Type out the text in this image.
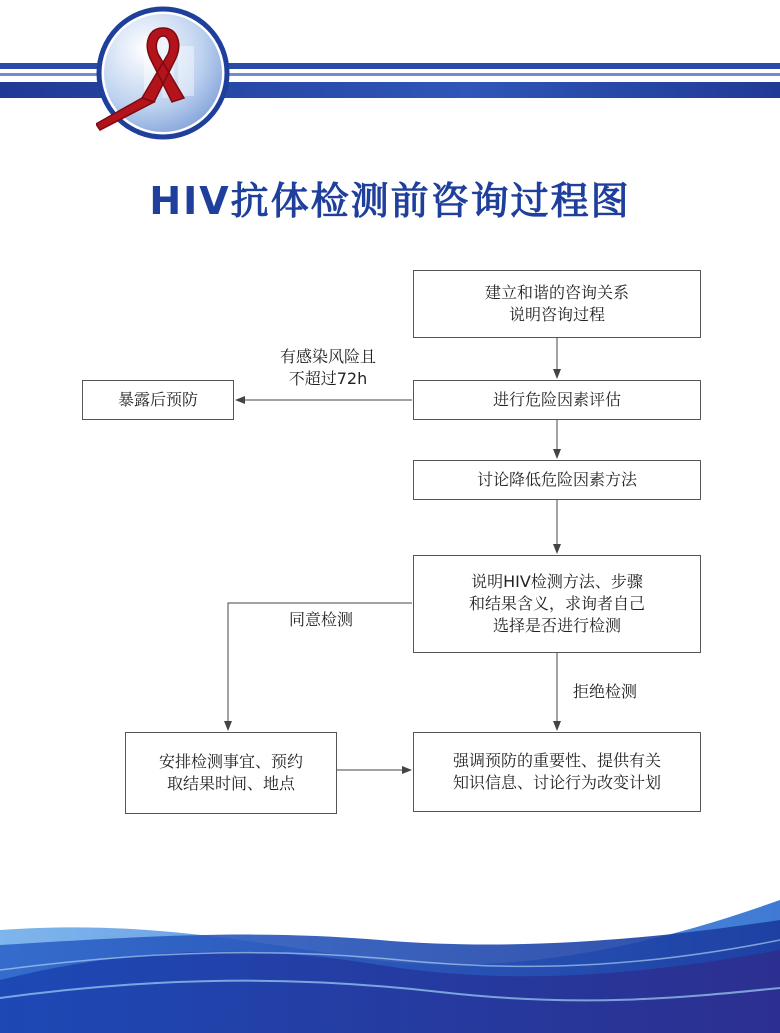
HIV抗体检测前咨询过程图
建立和谐的咨询关系
说明咨询过程
进行危险因素评估
暴露后预防
讨论降低危险因素方法
说明HIV检测方法、步骤
和结果含义，求询者自己
选择是否进行检测
安排检测事宜、预约
取结果时间、地点
强调预防的重要性、提供有关
知识信息、讨论行为改变计划
有感染风险且
不超过72h
同意检测
拒绝检测
